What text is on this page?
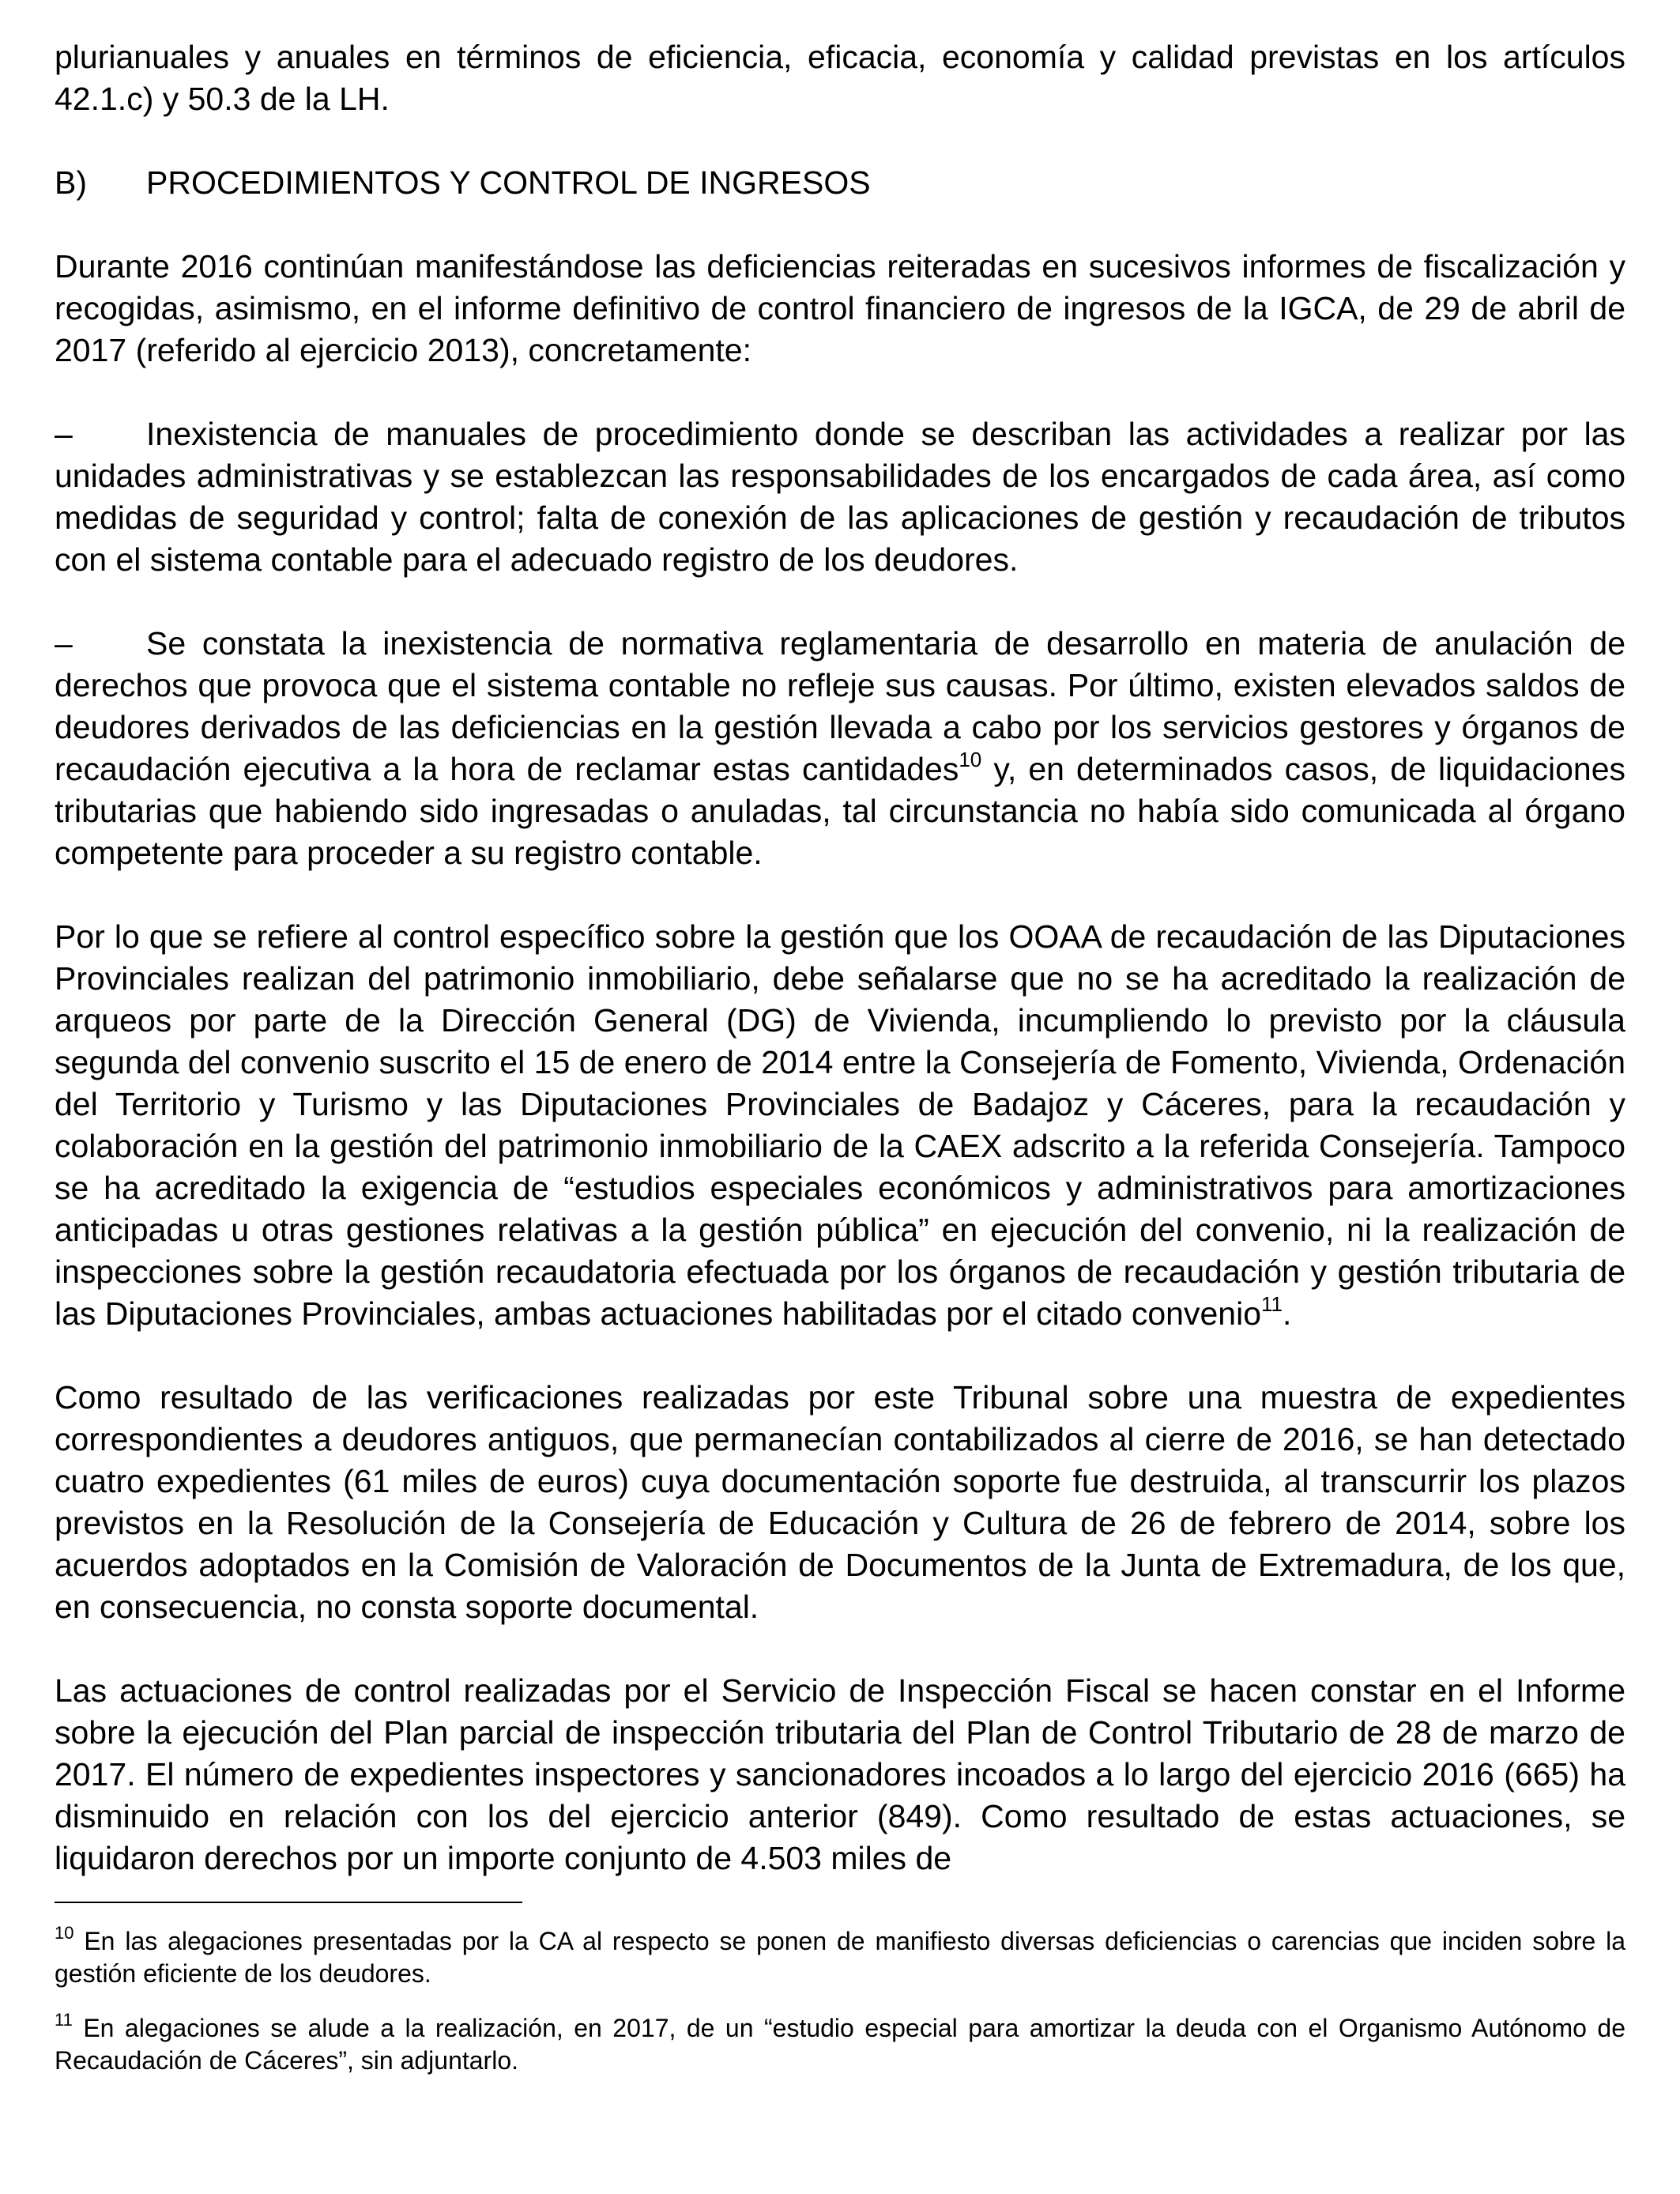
plurianuales y anuales en términos de eficiencia, eficacia, economía y calidad previstas en los artículos 42.1.c) y 50.3 de la LH.

B)	PROCEDIMIENTOS Y CONTROL DE INGRESOS

Durante 2016 continúan manifestándose las deficiencias reiteradas en sucesivos informes de fiscalización y recogidas, asimismo, en el informe definitivo de control financiero de ingresos de la IGCA, de 29 de abril de 2017 (referido al ejercicio 2013), concretamente:

– Inexistencia de manuales de procedimiento donde se describan las actividades a realizar por las unidades administrativas y se establezcan las responsabilidades de los encargados de cada área, así como medidas de seguridad y control; falta de conexión de las aplicaciones de gestión y recaudación de tributos con el sistema contable para el adecuado registro de los deudores.

– Se constata la inexistencia de normativa reglamentaria de desarrollo en materia de anulación de derechos que provoca que el sistema contable no refleje sus causas. Por último, existen elevados saldos de deudores derivados de las deficiencias en la gestión llevada a cabo por los servicios gestores y órganos de recaudación ejecutiva a la hora de reclamar estas cantidades$^{10}$ y, en determinados casos, de liquidaciones tributarias que habiendo sido ingresadas o anuladas, tal circunstancia no había sido comunicada al órgano competente para proceder a su registro contable.

Por lo que se refiere al control específico sobre la gestión que los OOAA de recaudación de las Diputaciones Provinciales realizan del patrimonio inmobiliario, debe señalarse que no se ha acreditado la realización de arqueos por parte de la Dirección General (DG) de Vivienda, incumpliendo lo previsto por la cláusula segunda del convenio suscrito el 15 de enero de 2014 entre la Consejería de Fomento, Vivienda, Ordenación del Territorio y Turismo y las Diputaciones Provinciales de Badajoz y Cáceres, para la recaudación y colaboración en la gestión del patrimonio inmobiliario de la CAEX adscrito a la referida Consejería. Tampoco se ha acreditado la exigencia de “estudios especiales económicos y administrativos para amortizaciones anticipadas u otras gestiones relativas a la gestión pública” en ejecución del convenio, ni la realización de inspecciones sobre la gestión recaudatoria efectuada por los órganos de recaudación y gestión tributaria de las Diputaciones Provinciales, ambas actuaciones habilitadas por el citado convenio$^{11}$.

Como resultado de las verificaciones realizadas por este Tribunal sobre una muestra de expedientes correspondientes a deudores antiguos, que permanecían contabilizados al cierre de 2016, se han detectado cuatro expedientes (61 miles de euros) cuya documentación soporte fue destruida, al transcurrir los plazos previstos en la Resolución de la Consejería de Educación y Cultura de 26 de febrero de 2014, sobre los acuerdos adoptados en la Comisión de Valoración de Documentos de la Junta de Extremadura, de los que, en consecuencia, no consta soporte documental.

Las actuaciones de control realizadas por el Servicio de Inspección Fiscal se hacen constar en el Informe sobre la ejecución del Plan parcial de inspección tributaria del Plan de Control Tributario de 28 de marzo de 2017. El número de expedientes inspectores y sancionadores incoados a lo largo del ejercicio 2016 (665) ha disminuido en relación con los del ejercicio anterior (849). Como resultado de estas actuaciones, se liquidaron derechos por un importe conjunto de 4.503 miles de

$^{10}$ En las alegaciones presentadas por la CA al respecto se ponen de manifiesto diversas deficiencias o carencias que inciden sobre la gestión eficiente de los deudores.

$^{11}$ En alegaciones se alude a la realización, en 2017, de un “estudio especial para amortizar la deuda con el Organismo Autónomo de Recaudación de Cáceres”, sin adjuntarlo.
